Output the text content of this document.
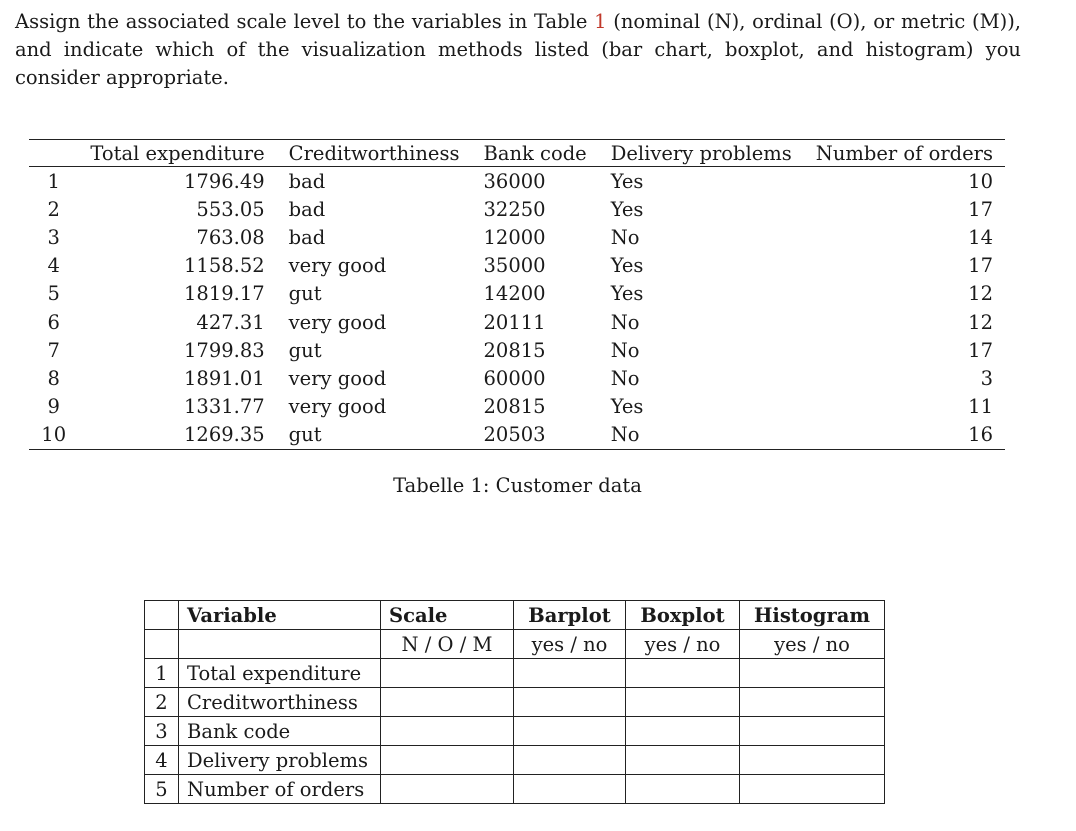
Assign the associated scale level to the variables in Table 1 (nominal (N), ordinal (O), or metric (M)), and indicate which of the visualization methods listed (bar chart, boxplot, and histogram) you consider appropriate.

	Total expenditure	Creditworthiness	Bank code	Delivery problems	Number of orders
1	1796.49	bad	36000	Yes	10
2	553.05	bad	32250	Yes	17
3	763.08	bad	12000	No	14
4	1158.52	very good	35000	Yes	17
5	1819.17	gut	14200	Yes	12
6	427.31	very good	20111	No	12
7	1799.83	gut	20815	No	17
8	1891.01	very good	60000	No	3
9	1331.77	very good	20815	Yes	11
10	1269.35	gut	20503	No	16
Tabelle 1: Customer data
	Variable	Scale	Barplot	Boxplot	Histogram
		N / O / M	yes / no	yes / no	yes / no
1	Total expenditure				
2	Creditworthiness				
3	Bank code				
4	Delivery problems				
5	Number of orders				
